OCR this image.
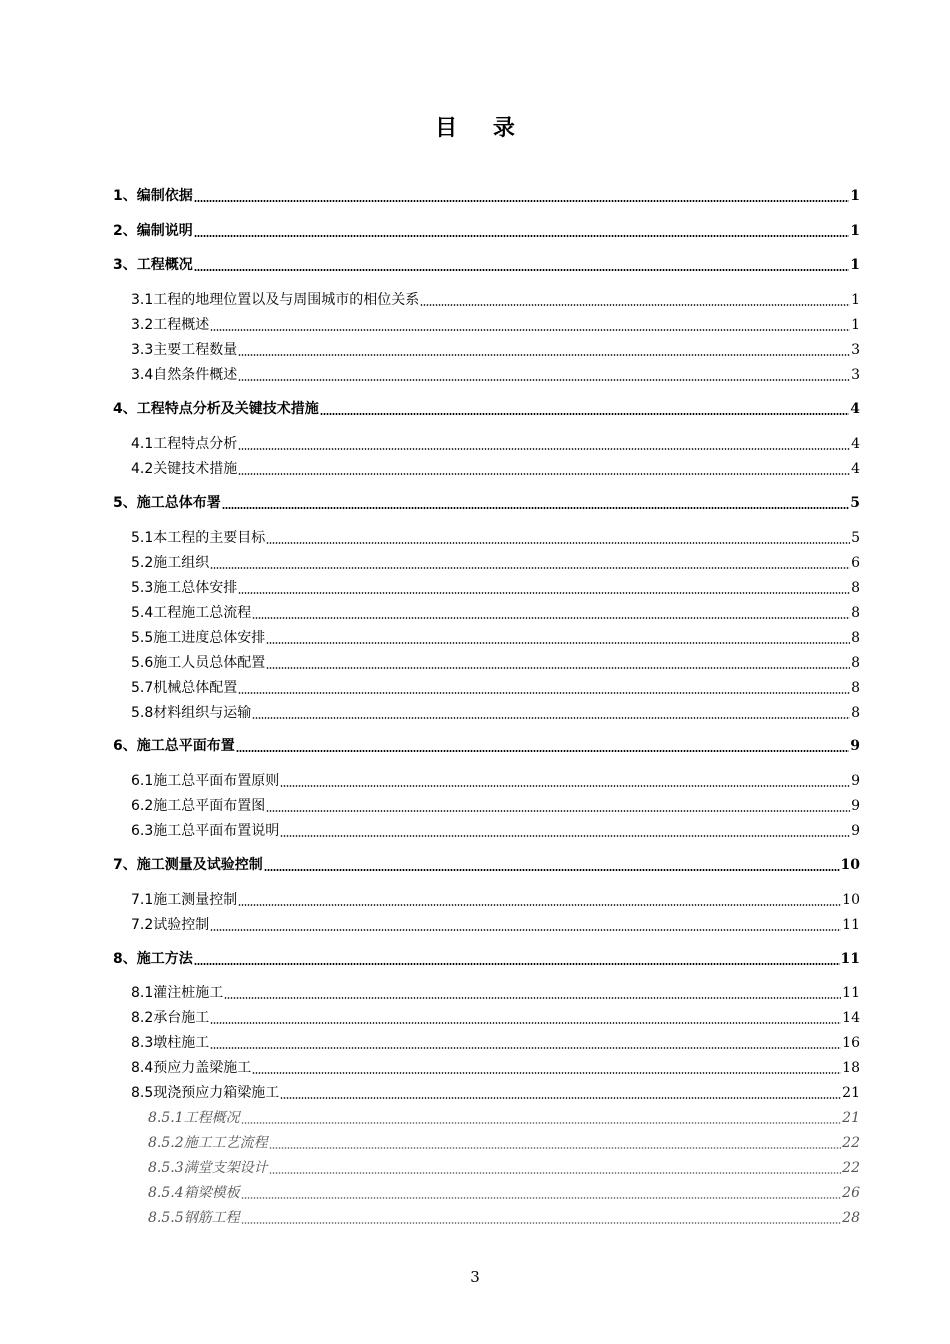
目 录
1、编制依据	1
2、编制说明	1
3、工程概况	1
3.1工程的地理位置以及与周围城市的相位关系	1
3.2工程概述	1
3.3主要工程数量	3
3.4自然条件概述	3
4、工程特点分析及关键技术措施	4
4.1工程特点分析	4
4.2关键技术措施	4
5、施工总体布署	5
5.1本工程的主要目标	5
5.2施工组织	6
5.3施工总体安排	8
5.4工程施工总流程	8
5.5施工进度总体安排	8
5.6施工人员总体配置	8
5.7机械总体配置	8
5.8材料组织与运输	8
6、施工总平面布置	9
6.1施工总平面布置原则	9
6.2施工总平面布置图	9
6.3施工总平面布置说明	9
7、施工测量及试验控制	10
7.1施工测量控制	10
7.2试验控制	11
8、施工方法	11
8.1灌注桩施工	11
8.2承台施工	14
8.3墩柱施工	16
8.4预应力盖梁施工	18
8.5现浇预应力箱梁施工	21
8.5.1工程概况	21
8.5.2施工工艺流程	22
8.5.3满堂支架设计	22
8.5.4箱梁模板	26
8.5.5钢筋工程	28
3
